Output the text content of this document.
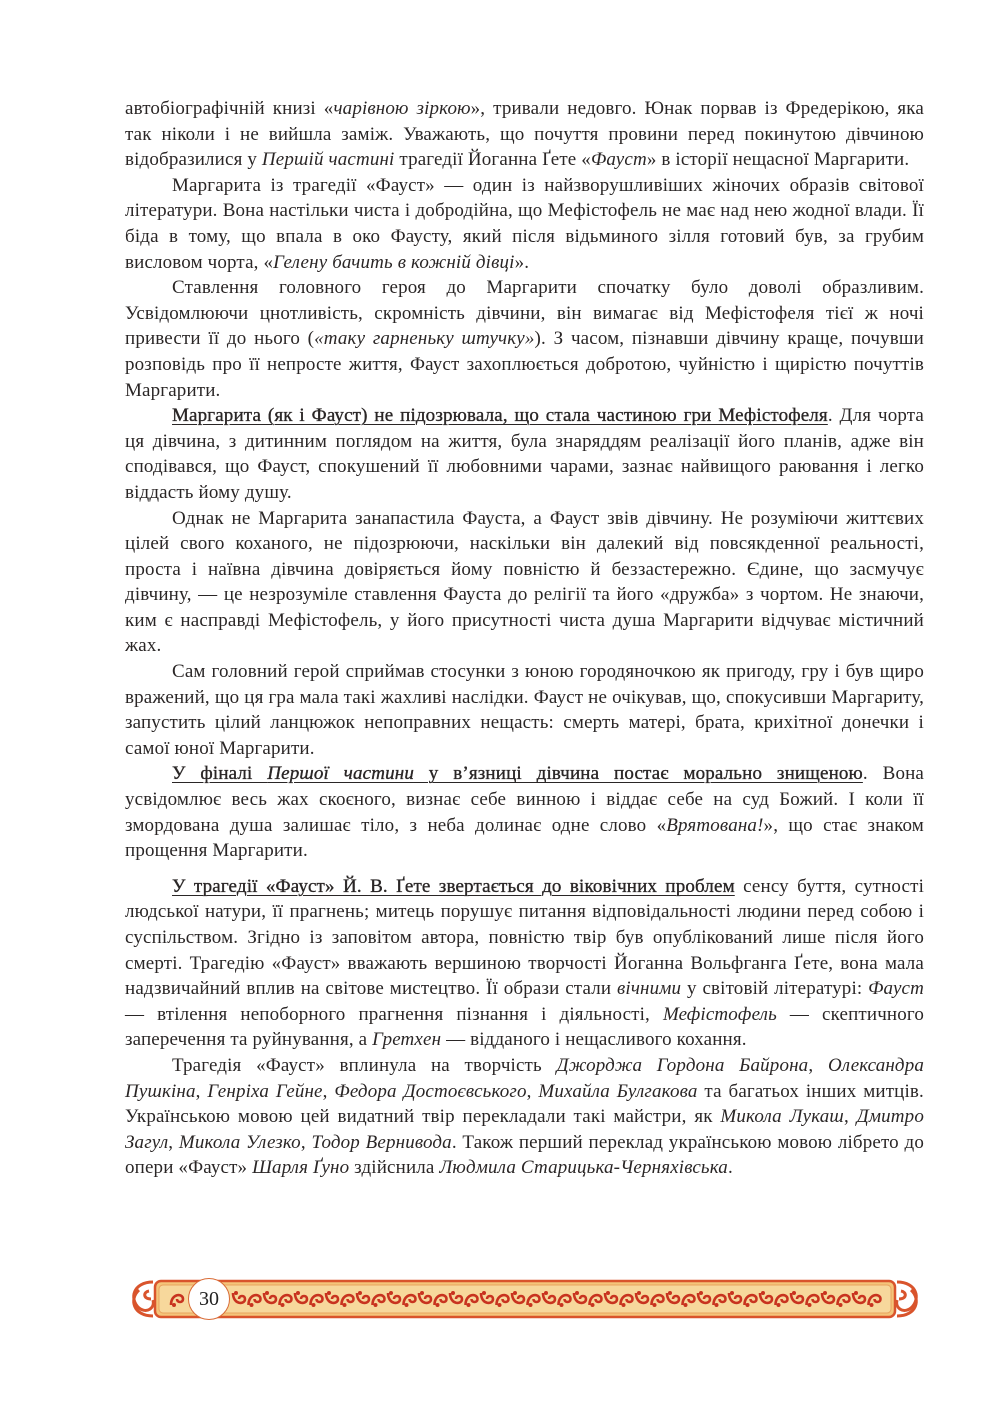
автобіографічній книзі «чарівною зіркою», тривали недовго. Юнак порвав із Фредерікою, яка так ніколи і не вийшла заміж. Уважають, що почуття провини перед покинутою дівчиною відобразилися у Першій частині трагедії Йоганна Ґете «Фауст» в історії нещасної Маргарити.

Маргарита із трагедії «Фауст» — один із найзворушливіших жіночих образів світової літератури. Вона настільки чиста і добродійна, що Мефістофель не має над нею жодної влади. Її біда в тому, що впала в око Фаусту, який після відьминого зілля готовий був, за грубим висловом чорта, «Гелену бачить в кожній дівці».

Ставлення головного героя до Маргарити спочатку було доволі образливим. Усвідомлюючи цнотливість, скромність дівчини, він вимагає від Мефістофеля тієї ж ночі привести її до нього («таку гарненьку штучку»). З часом, пізнавши дівчину краще, почувши розповідь про її непросте життя, Фауст захоплюється добротою, чуйністю і щирістю почуттів Маргарити.

Маргарита (як і Фауст) не підозрювала, що стала частиною гри Мефістофеля. Для чорта ця дівчина, з дитинним поглядом на життя, була знаряддям реалізації його планів, адже він сподівався, що Фауст, спокушений її любовними чарами, зазнає найвищого раювання і легко віддасть йому душу.

Однак не Маргарита занапастила Фауста, а Фауст звів дівчину. Не розуміючи життєвих цілей свого коханого, не підозрюючи, наскільки він далекий від повсякденної реальності, проста і наївна дівчина довіряється йому повністю й беззастережно. Єдине, що засмучує дівчину, — це незрозуміле ставлення Фауста до релігії та його «дружба» з чортом. Не знаючи, ким є насправді Мефістофель, у його присутності чиста душа Маргарити відчуває містичний жах.

Сам головний герой сприймав стосунки з юною городяночкою як пригоду, гру і був щиро вражений, що ця гра мала такі жахливі наслідки. Фауст не очікував, що, спокусивши Маргариту, запустить цілий ланцюжок непоправних нещасть: смерть матері, брата, крихітної донечки і самої юної Маргарити.

У фіналі Першої частини у в’язниці дівчина постає морально знищеною. Вона усвідомлює весь жах скоєного, визнає себе винною і віддає себе на суд Божий. І коли її змордована душа залишає тіло, з неба долинає одне слово «Врятована!», що стає знаком прощення Маргарити.

У трагедії «Фауст» Й. В. Ґете звертається до віковічних проблем сенсу буття, сутності людської натури, її прагнень; митець порушує питання відповідальності людини перед собою і суспільством. Згідно із заповітом автора, повністю твір був опублікований лише після його смерті. Трагедію «Фауст» вважають вершиною творчості Йоганна Вольфганга Ґете, вона мала надзвичайний вплив на світове мистецтво. Її образи стали вічними у світовій літературі: Фауст — втілення непоборного прагнення пізнання і діяльності, Мефістофель — скептичного заперечення та руйнування, а Гретхен — відданого і нещасливого кохання.

Трагедія «Фауст» вплинула на творчість Джорджа Гордона Байрона, Олександра Пушкіна, Генріха Гейне, Федора Достоєвського, Михайла Булгакова та багатьох інших митців. Українською мовою цей видатний твір перекладали такі майстри, як Микола Лукаш, Дмитро Загул, Микола Улезко, Тодор Вернивода. Також перший переклад українською мовою лібрето до опери «Фауст» Шарля Ґуно здійснила Людмила Старицька-Черняхівська.

30
